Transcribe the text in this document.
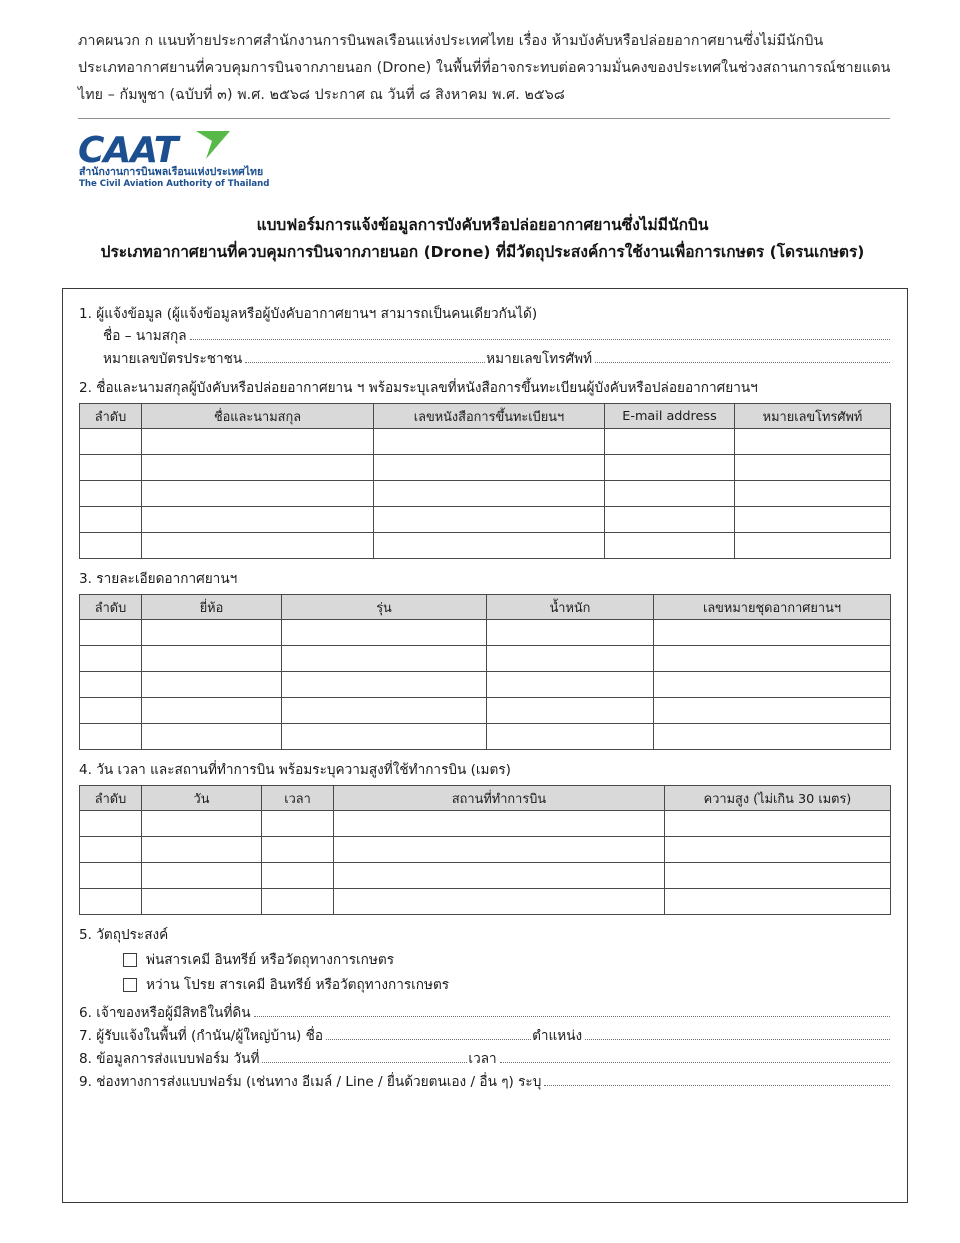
ภาคผนวก ก แนบท้ายประกาศสำนักงานการบินพลเรือนแห่งประเทศไทย เรื่อง ห้ามบังคับหรือปล่อยอากาศยานซึ่งไม่มีนักบิน
ประเภทอากาศยานที่ควบคุมการบินจากภายนอก (Drone) ในพื้นที่ที่อาจกระทบต่อความมั่นคงของประเทศในช่วงสถานการณ์ชายแดน
ไทย – กัมพูชา (ฉบับที่ ๓) พ.ศ. ๒๕๖๘ ประกาศ ณ วันที่ ๘ สิงหาคม พ.ศ. ๒๕๖๘
CAAT
สำนักงานการบินพลเรือนแห่งประเทศไทย
The Civil Aviation Authority of Thailand
แบบฟอร์มการแจ้งข้อมูลการบังคับหรือปล่อยอากาศยานซึ่งไม่มีนักบิน
ประเภทอากาศยานที่ควบคุมการบินจากภายนอก (Drone) ที่มีวัตถุประสงค์การใช้งานเพื่อการเกษตร (โดรนเกษตร)
1. ผู้แจ้งข้อมูล (ผู้แจ้งข้อมูลหรือผู้บังคับอากาศยานฯ สามารถเป็นคนเดียวกันได้)
ชื่อ – นามสกุล
หมายเลขบัตรประชาชน	หมายเลขโทรศัพท์
2. ชื่อและนามสกุลผู้บังคับหรือปล่อยอากาศยาน ฯ พร้อมระบุเลขที่หนังสือการขึ้นทะเบียนผู้บังคับหรือปล่อยอากาศยานฯ
ลำดับ	ชื่อและนามสกุล	เลขหนังสือการขึ้นทะเบียนฯ	E-mail address	หมายเลขโทรศัพท์

3. รายละเอียดอากาศยานฯ
ลำดับ	ยี่ห้อ	รุ่น	น้ำหนัก	เลขหมายชุดอากาศยานฯ

4. วัน เวลา และสถานที่ทำการบิน พร้อมระบุความสูงที่ใช้ทำการบิน (เมตร)
ลำดับ	วัน	เวลา	สถานที่ทำการบิน	ความสูง (ไม่เกิน 30 เมตร)

5. วัตถุประสงค์
พ่นสารเคมี อินทรีย์ หรือวัตถุทางการเกษตร
หว่าน โปรย สารเคมี อินทรีย์ หรือวัตถุทางการเกษตร
6. เจ้าของหรือผู้มีสิทธิในที่ดิน
7. ผู้รับแจ้งในพื้นที่ (กำนัน/ผู้ใหญ่บ้าน) ชื่อ	ตำแหน่ง
8. ข้อมูลการส่งแบบฟอร์ม วันที่	เวลา
9. ช่องทางการส่งแบบฟอร์ม (เช่นทาง อีเมล์ / Line / ยื่นด้วยตนเอง / อื่น ๆ) ระบุ
